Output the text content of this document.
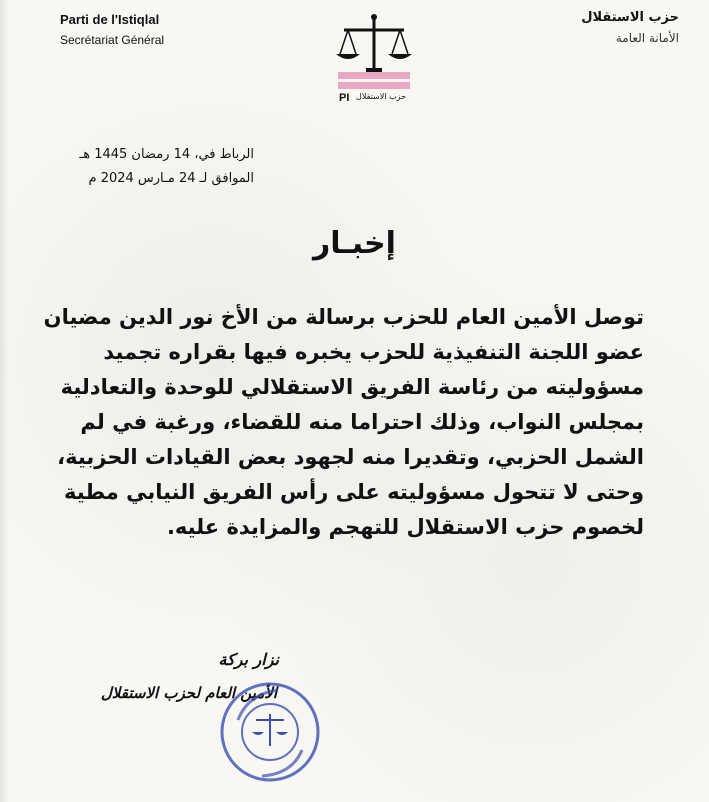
Parti de l'Istiqlal
Secrétariat Général
PI حزب الاستقلال
حزب الاستقلال
الأمانة العامة
الرباط في، 14 رمضان 1445 هـ
الموافق لـ 24 مـارس 2024 م
إخبـار
توصل الأمين العام للحزب برسالة من الأخ نور الدين مضيان
عضو اللجنة التنفيذية للحزب يخبره فيها بقراره تجميد
مسؤوليته من رئاسة الفريق الاستقلالي للوحدة والتعادلية
بمجلس النواب، وذلك احتراما منه للقضاء، ورغبة في لم
الشمل الحزبي، وتقديرا منه لجهود بعض القيادات الحزبية،
وحتى لا تتحول مسؤوليته على رأس الفريق النيابي مطية
لخصوم حزب الاستقلال للتهجم والمزايدة عليه.
نزار بركة
الأمين العام لحزب الاستقلال
